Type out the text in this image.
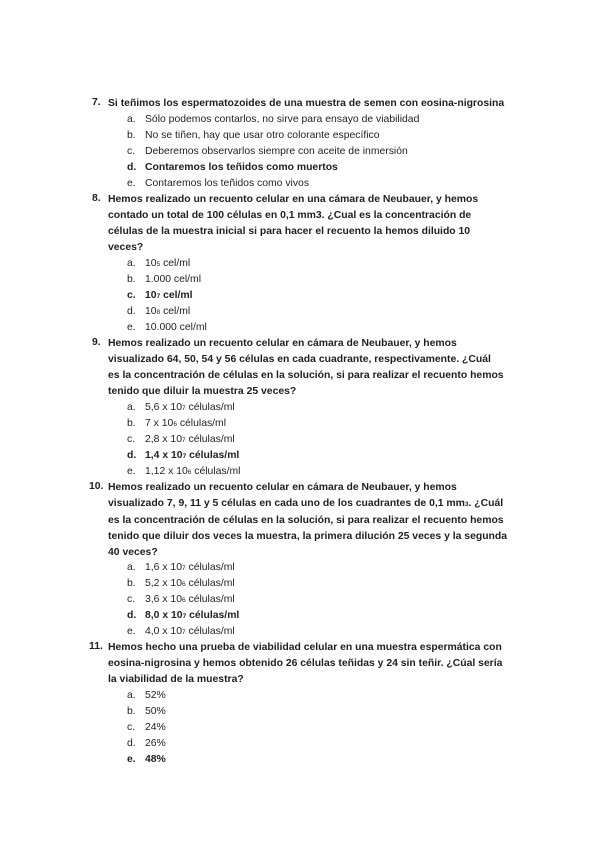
7. Si teñimos los espermatozoides de una muestra de semen con eosina-nigrosina
a. Sólo podemos contarlos, no sirve para ensayo de viabilidad
b. No se tiñen, hay que usar otro colorante específico
c. Deberemos observarlos siempre con aceite de inmersión
d. Contaremos los teñidos como muertos
e. Contaremos los teñidos como vivos
8. Hemos realizado un recuento celular en una cámara de Neubauer, y hemos
contado un total de 100 células en 0,1 mm3. ¿Cual es la concentración de
células de la muestra inicial si para hacer el recuento la hemos diluido 10
veces?
a. 105 cel/ml
b. 1.000 cel/ml
c. 107 cel/ml
d. 108 cel/ml
e. 10.000 cel/ml
9. Hemos realizado un recuento celular en cámara de Neubauer, y hemos
visualizado 64, 50, 54 y 56 células en cada cuadrante, respectivamente. ¿Cuál
es la concentración de células en la solución, si para realizar el recuento hemos
tenido que diluir la muestra 25 veces?
a. 5,6 x 107 células/ml
b. 7 x 106 células/ml
c. 2,8 x 107 células/ml
d. 1,4 x 107 células/ml
e. 1,12 x 106 células/ml
10. Hemos realizado un recuento celular en cámara de Neubauer, y hemos
visualizado 7, 9, 11 y 5 células en cada uno de los cuadrantes de 0,1 mm3. ¿Cuál
es la concentración de células en la solución, si para realizar el recuento hemos
tenido que diluir dos veces la muestra, la primera dilución 25 veces y la segunda
40 veces?
a. 1,6 x 107 células/ml
b. 5,2 x 106 células/ml
c. 3,6 x 106 células/ml
d. 8,0 x 107 células/ml
e. 4,0 x 107 células/ml
11. Hemos hecho una prueba de viabilidad celular en una muestra espermática con
eosina-nigrosina y hemos obtenido 26 células teñidas y 24 sin teñir. ¿Cúal sería
la viabilidad de la muestra?
a. 52%
b. 50%
c. 24%
d. 26%
e. 48%
